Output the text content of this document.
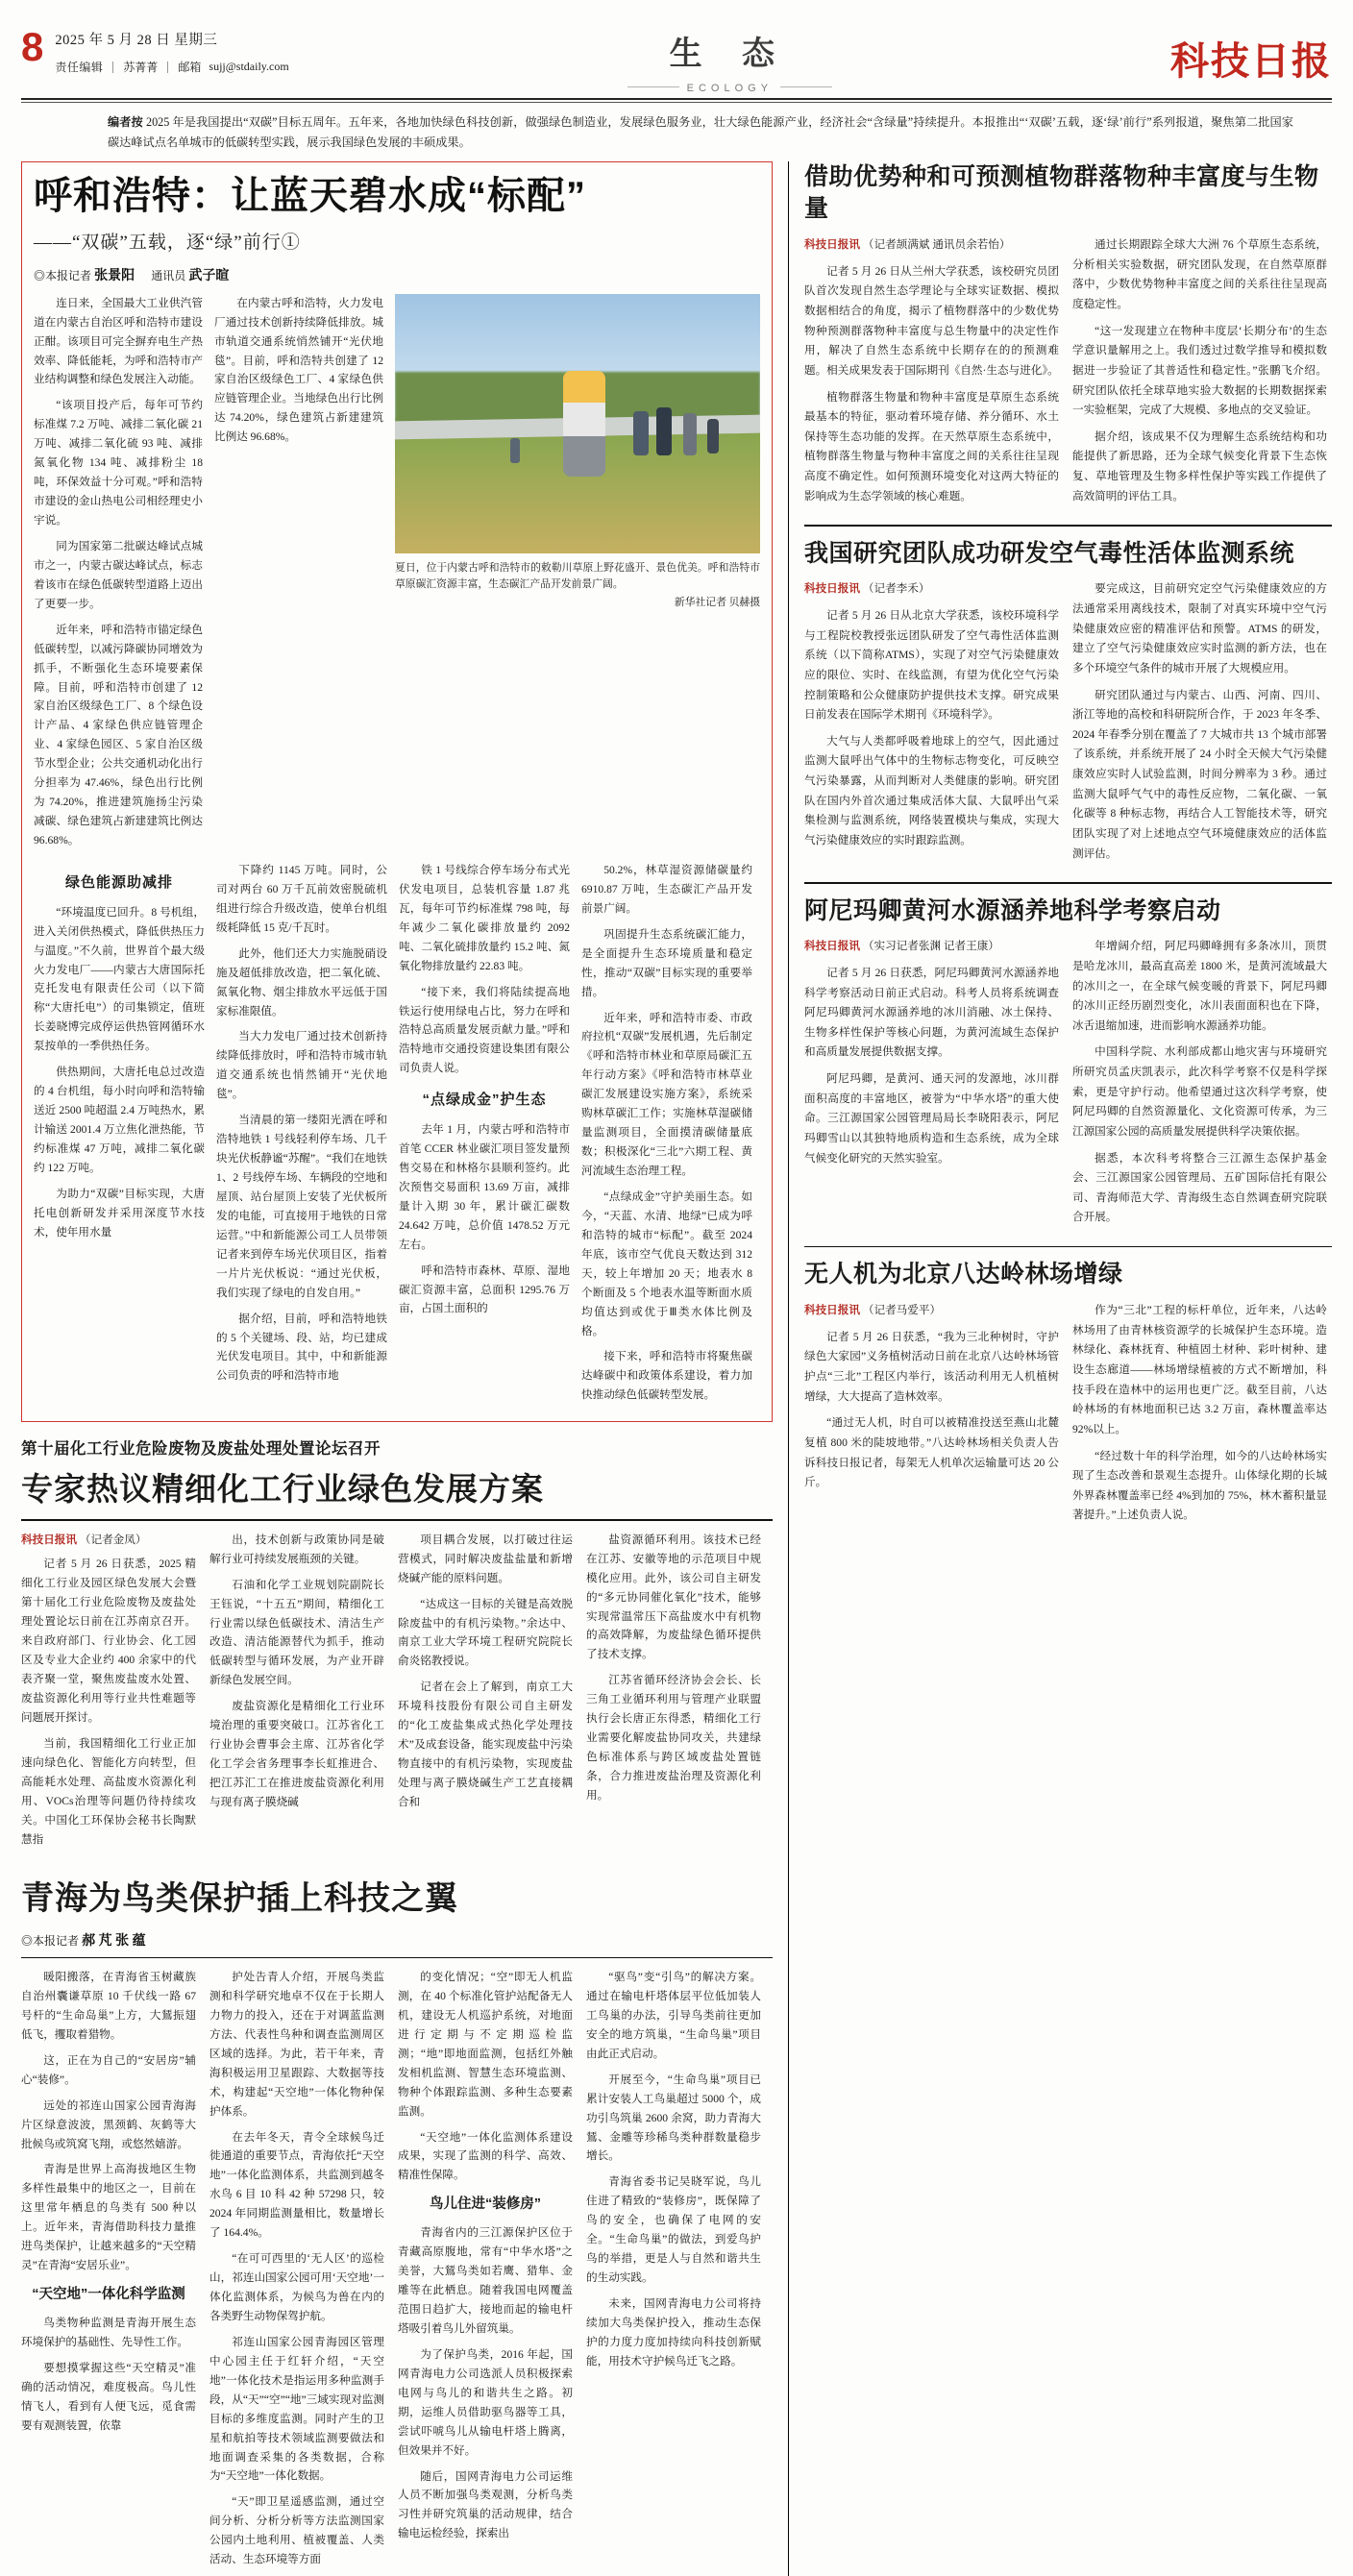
8 2025 年 5 月 28 日 星期三
责任编辑 苏菁菁 邮箱 sujj@stdaily.com	生 态
ECOLOGY
科技日报
编者按 2025 年是我国提出“双碳”目标五周年。五年来，各地加快绿色科技创新，做强绿色制造业，发展绿色服务业，壮大绿色能源产业，经济社会“含绿量”持续提升。本报推出“‘双碳’五载，逐‘绿’前行”系列报道，聚焦第二批国家碳达峰试点名单城市的低碳转型实践，展示我国绿色发展的丰硕成果。
呼和浩特：让蓝天碧水成“标配”
——“双碳”五载，逐“绿”前行①
◎本报记者 张景阳 通讯员 武子暄

连日来，全国最大工业供汽管道在内蒙古自治区呼和浩特市建设正酣。该项目可完全摒弃电生产热效率、降低能耗，为呼和浩特市产业结构调整和绿色发展注入动能。

“该项目投产后，每年可节约标准煤 7.2 万吨、减排二氧化碳 21 万吨、减排二氧化硫 93 吨、减排氮氧化物 134 吨、减排粉尘 18 吨，环保效益十分可观。”呼和浩特市建设的金山热电公司相经理史小宇说。

同为国家第二批碳达峰试点城市之一，内蒙古碳达峰试点，标志着该市在绿色低碳转型道路上迈出了更要一步。

近年来，呼和浩特市锚定绿色低碳转型，以减污降碳协同增效为抓手，不断强化生态环境要素保障。目前，呼和浩特市创建了 12 家自治区级绿色工厂、8 个绿色设计产品、4 家绿色供应链管理企业、4 家绿色园区、5 家自治区级节水型企业；公共交通机动化出行分担率为 47.46%，绿色出行比例为 74.20%，推进建筑施扬尘污染减碳、绿色建筑占新建建筑比例达 96.68%。

在内蒙古呼和浩特，火力发电厂通过技术创新持续降低排放。城市轨道交通系统悄然铺开“光伏地毯”。目前，呼和浩特共创建了 12 家自治区级绿色工厂、4 家绿色供应链管理企业。当地绿色出行比例达 74.20%，绿色建筑占新建建筑比例达 96.68%。

夏日，位于内蒙古呼和浩特市的敕勒川草原上野花盛开、景色优美。呼和浩特市草原碳汇资源丰富，生态碳汇产品开发前景广阔。
新华社记者 贝赫摄
绿色能源助减排

“环境温度已回升。8 号机组，进入关闭供热模式，降低供热压力与温度。”不久前，世界首个最大级火力发电厂——内蒙古大唐国际托克托发电有限责任公司（以下简称“大唐托电”）的司集锁定，值班长姜晓博完成停运供热管网循环水泵按单的一季供热任务。

供热期间，大唐托电总过改造的 4 台机组，每小时向呼和浩特输送近 2500 吨超温 2.4 万吨热水，累计输送 2001.4 万立焦化泄热能，节约标准煤 47 万吨，减排二氧化碳约 122 万吨。

为助力“双碳”目标实现，大唐托电创新研发并采用深度节水技术，使年用水量

下降约 1145 万吨。同时，公司对两台 60 万千瓦前效密脱硫机组进行综合升级改造，使单台机组级耗降低 15 克/千瓦时。

此外，他们还大力实施脱硝设施及超低排放改造，把二氧化硫、氮氧化物、烟尘排放水平远低于国家标准限值。

当大力发电厂通过技术创新持续降低排放时，呼和浩特市城市轨道交通系统也悄然铺开“光伏地毯”。

当清晨的第一缕阳光洒在呼和浩特地铁 1 号线轻利停车场、几千块光伏板静谧“苏醒”。“我们在地铁 1、2 号线停车场、车辆段的空地和屋顶、站台屋顶上安装了光伏板所发的电能，可直接用于地铁的日常运营。”中和新能源公司工人员带领记者来到停车场光伏项目区，指着一片片光伏板说：“通过光伏板，我们实现了绿电的自发自用。”

据介绍，目前，呼和浩特地铁的 5 个关键场、段、站，均已建成光伏发电项目。其中，中和新能源公司负责的呼和浩特市地

铁 1 号线综合停车场分布式光伏发电项目，总装机容量 1.87 兆瓦，每年可节约标准煤 798 吨，每年减少二氧化碳排放量约 2092 吨、二氧化硫排放量约 15.2 吨、氮氧化物排放量约 22.83 吨。

“接下来，我们将陆续提高地铁运行使用绿电占比，努力在呼和浩特总高质量发展贡献力量。”呼和浩特地市交通投资建设集团有限公司负责人说。

“点绿成金”护生态

去年 1 月，内蒙古呼和浩特市首笔 CCER 林业碳汇项目签发量预售交易在和林格尔县顺利签约。此次预售交易面积 13.69 万亩，减排量计入期 30 年，累计碳汇碳数 24.642 万吨，总价值 1478.52 万元左右。

呼和浩特市森林、草原、湿地碳汇资源丰富，总面积 1295.76 万亩，占国土面积的

50.2%，林草湿资源储碳量约 6910.87 万吨，生态碳汇产品开发前景广阔。

巩固提升生态系统碳汇能力，是全面提升生态环境质量和稳定性，推动“双碳”目标实现的重要举措。

近年来，呼和浩特市委、市政府拉机“双碳”发展机遇，先后制定《呼和浩特市林业和草原局碳汇五年行动方案》《呼和浩特市林草业碳汇发展建设实施方案》，系统采购林草碳汇工作；实施林草湿碳储量监测项目，全面摸清碳储量底数；积极深化“三北”六期工程、黄河流域生态治理工程。

“点绿成金”守护美丽生态。如今，“天蓝、水清、地绿”已成为呼和浩特的城市“标配”。截至 2024 年底，该市空气优良天数达到 312 天，较上年增加 20 天；地表水 8 个断面及 5 个地表水温等断面水质均值达到或优于Ⅲ类水体比例及格。

接下来，呼和浩特市将聚焦碳达峰碳中和政策体系建设，着力加快推动绿色低碳转型发展。

第十届化工行业危险废物及废盐处理处置论坛召开
专家热议精细化工行业绿色发展方案
科技日报讯 （记者金凤）

记者 5 月 26 日获悉，2025 精细化工行业及园区绿色发展大会暨第十届化工行业危险废物及废盐处理处置论坛日前在江苏南京召开。来自政府部门、行业协会、化工园区及专业大企业约 400 余家中的代表齐聚一堂，聚焦废盐废水处置、废盐资源化利用等行业共性难题等问题展开探讨。

当前，我国精细化工行业正加速向绿色化、智能化方向转型，但高能耗水处理、高盐废水资源化利用、VOCs治理等问题仍待持续攻关。中国化工环保协会秘书长陶默慧指

出，技术创新与政策协同是破解行业可持续发展瓶颈的关键。

石油和化学工业规划院副院长王钰说，“十五五”期间，精细化工行业需以绿色低碳技术、清洁生产改造、清洁能源替代为抓手，推动低碳转型与循环发展，为产业开辟新绿色发展空间。

废盐资源化是精细化工行业环境治理的重要突破口。江苏省化工行业协会曹事会主席、江苏省化学化工学会省务理事李长虹推进合、把江苏汇工在推进废盐资源化利用与现有离子膜烧碱

项目耦合发展，以打破过往运营模式，同时解决废盐盐量和新增烧碱产能的原料问题。

“达成这一目标的关键是高效脱除废盐中的有机污染物。”余达中、南京工业大学环境工程研究院院长俞炎铭教授说。

记者在会上了解到，南京工大环境科技股份有限公司自主研发的“化工废盐集成式热化学处理技术”及成套设备，能实现废盐中污染物直接中的有机污染物，实现废盐处理与离子膜烧碱生产工艺直接耦合和

盐资源循环利用。该技术已经在江苏、安徽等地的示范项目中规模化应用。此外，该公司自主研发的“多元协同催化氧化”技术，能够实现常温常压下高盐废水中有机物的高效降解，为废盐绿色循环提供了技术支撑。

江苏省循环经济协会会长、长三角工业循环利用与管理产业联盟执行会长唐正东得悉，精细化工行业需要化解废盐协同攻关，共建绿色标准体系与跨区域废盐处置链条，合力推进废盐治理及资源化利用。

青海为鸟类保护插上科技之翼
◎本报记者 郝 芃 张 蕴

暖阳搬落，在青海省玉树藏族自治州囊谦草原 10 千伏线一路 67 号杆的“生命岛巢”上方，大鵟振翅低飞，攫取着猎物。

这，正在为自己的“安居房”辅心“装修”。

远处的祁连山国家公园青海海片区绿意波波，黑颈鹤、灰鹤等大批候鸟或筑窝飞翔，或悠然嬉游。

青海是世界上高海拔地区生物多样性最集中的地区之一，目前在这里常年栖息的鸟类有 500 种以上。近年来，青海借助科技力量推进鸟类保护，让越来越多的“天空精灵”在青海“安居乐业”。

“天空地”一体化科学监测

鸟类物种监测是青海开展生态环境保护的基础性、先导性工作。

要想摸掌握这些“天空精灵”准确的活动情况，难度极高。鸟儿性情飞人，看到有人便飞远，觅食需要有观测装置，依靠

护处告青人介绍，开展鸟类监测和科学研究地卓不仅在于长期人力物力的投入，还在于对调蓝监测方法、代表性鸟种和调查监测周区区域的选择。为此，若干年来，青海积极运用卫星跟踪、大数据等技术，构建起“天空地”一体化物种保护体系。

在去年冬天，青令全球候鸟迁徙通道的重要节点，青海依托“天空地”一体化监测体系，共监测到越冬水鸟 6 目 10 科 42 种 57298 只，较 2024 年同期监测量相比，数量增长了 164.4%。

“在可可西里的‘无人区’的巡检山，祁连山国家公园可用‘天空地’一体化监测体系，为候鸟为兽在内的各类野生动物保驾护航。

祁连山国家公园青海园区管理中心园主任于红轩介绍，“天空地”一体化技术是指运用多种监测手段，从“天”“空”“地”三域实现对监测目标的多维度监测。同时产生的卫星和航拍等技术领域监测要做法和地面调查采集的各类数据，合称为“天空地”一体化数据。

“天”即卫星遥感监测，通过空间分析、分析分析等方法监测国家公园内土地利用、植被覆盖、人类活动、生态环境等方面

的变化情况；“空”即无人机监测，在 40 个标准化管护站配备无人机，建设无人机巡护系统，对地面进行定期与不定期巡检监测；“地”即地面监测，包括红外触发相机监测、智慧生态环境监测、物种个体跟踪监测、多种生态要素监测。

“天空地”一体化监测体系建设成果，实现了监测的科学、高效、精准性保障。

鸟儿住进“装修房”

青海省内的三江源保护区位于青藏高原腹地，常有“中华水塔”之美誉，大鵟鸟类如若鹰、猎隼、金雕等在此栖息。随着我国电网覆盖范围日趋扩大，接地而起的输电杆塔吸引着鸟儿外留筑巢。

为了保护鸟类，2016 年起，国网青海电力公司选派人员积极探索电网与鸟儿的和谐共生之路。初期，运维人员借助驱鸟器等工具，尝试吓唬鸟儿从输电杆塔上腾离，但效果并不好。

随后，国网青海电力公司运维人员不断加强鸟类观测，分析鸟类习性并研究筑巢的活动规律，结合输电运检经验，探索出

“驱鸟”变“引鸟”的解决方案。通过在输电杆塔体层平位低加装人工鸟巢的办法，引导鸟类前往更加安全的地方筑巢，“生命鸟巢”项目由此正式启动。

开展至今，“生命鸟巢”项目已累计安装人工鸟巢超过 5000 个，成功引鸟筑巢 2600 余窝，助力青海大鵟、金雕等珍稀鸟类种群数量稳步增长。

青海省委书记吴晓军说，鸟儿住进了精致的“装修房”，既保障了鸟的安全，也确保了电网的安全。“生命鸟巢”的做法，到爱鸟护鸟的举措，更是人与自然和谐共生的生动实践。

未来，国网青海电力公司将持续加大鸟类保护投入，推动生态保护的力度力度加持续向科技创新赋能，用技术守护候鸟迁飞之路。

借助优势种和可预测植物群落物种丰富度与生物量

科技日报讯 （记者颉满斌 通讯员余若怡）

记者 5 月 26 日从兰州大学获悉，该校研究员团队首次发现自然生态学理论与全球实证数据、模拟数据相结合的角度，揭示了植物群落中的少数优势物种预测群落物种丰富度与总生物量中的决定性作用，解决了自然生态系统中长期存在的的预测难题。相关成果发表于国际期刊《自然·生态与进化》。

植物群落生物量和物种丰富度是草原生态系统最基本的特征，驱动着环境存储、养分循环、水土保持等生态功能的发挥。在天然草原生态系统中，植物群落生物量与物种丰富度之间的关系往往呈现高度不确定性。如何预测环境变化对这两大特征的影响成为生态学领域的核心难题。

通过长期跟踪全球大大洲 76 个草原生态系统，分析相关实验数据，研究团队发现，在自然草原群落中，少数优势物种丰富度之间的关系往往呈现高度稳定性。

“这一发现建立在物种丰度层‘长期分布’的生态学意识量解用之上。我们透过过数学推导和模拟数据进一步验证了其普适性和稳定性。”张鹏飞介绍。研究团队依托全球草地实验大数据的长期数据探索一实验框架，完成了大规模、多地点的交叉验证。

据介绍，该成果不仅为理解生态系统结构和功能提供了新思路，还为全球气候变化背景下生态恢复、草地管理及生物多样性保护等实践工作提供了高效简明的评估工具。

我国研究团队成功研发空气毒性活体监测系统

科技日报讯 （记者李禾）

记者 5 月 26 日从北京大学获悉，该校环境科学与工程院校教授张远团队研发了空气毒性活体监测系统（以下简称ATMS），实现了对空气污染健康效应的限位、实时、在线监测，有望为优化空气污染控制策略和公众健康防护提供技术支撑。研究成果日前发表在国际学术期刊《环境科学》。

大气与人类都呼吸着地球上的空气，因此通过监测大鼠呼出气体中的生物标志物变化，可反映空气污染暴露，从而判断对人类健康的影响。研究团队在国内外首次通过集成活体大鼠、大鼠呼出气采集检测与监测系统，网络装置模块与集成，实现大气污染健康效应的实时跟踪监测。

要完成这，目前研究定空气污染健康效应的方法通常采用离线技术，限制了对真实环境中空气污染健康效应密的精准评估和预警。ATMS 的研发，建立了空气污染健康效应实时监测的新方法，也在多个环境空气条件的城市开展了大规模应用。

研究团队通过与内蒙古、山西、河南、四川、浙江等地的高校和科研院所合作，于 2023 年冬季、2024 年春季分别在覆盖了 7 大城市共 13 个城市部署了该系统，并系统开展了 24 小时全天候大气污染健康效应实时人试验监测，时间分辨率为 3 秒。通过监测大鼠呼气气中的毒性反应物，二氧化碳、一氧化碳等 8 种标志物，再结合人工智能技术等，研究团队实现了对上述地点空气环境健康效应的活体监测评估。

阿尼玛卿黄河水源涵养地科学考察启动

科技日报讯 （实习记者张渊 记者王康）

记者 5 月 26 日获悉，阿尼玛卿黄河水源涵养地科学考察活动日前正式启动。科考人员将系统调查阿尼玛卿黄河水源涵养地的冰川消融、冰土保持、生物多样性保护等核心问题，为黄河流域生态保护和高质量发展提供数据支撑。

阿尼玛卿，是黄河、通天河的发源地，冰川群面积高度的丰富地区，被誉为“中华水塔”的重大使命。三江源国家公园管理局局长李晓阳表示，阿尼玛卿雪山以其独特地质构造和生态系统，成为全球气候变化研究的天然实验室。

年增阔介绍，阿尼玛卿峰拥有多条冰川，顶贯是哈龙冰川，最高直高差 1800 米，是黄河流域最大的冰川之一，在全球气候变暖的背景下，阿尼玛卿的冰川正经历剧烈变化，冰川表面面积也在下降，冰舌退缩加速，进而影响水源涵养功能。

中国科学院、水利部成都山地灾害与环境研究所研究员孟庆凯表示，此次科学考察不仅是科学探索，更是守护行动。他希望通过这次科学考察，使阿尼玛卿的自然资源量化、文化资源可传承，为三江源国家公园的高质量发展提供科学决策依据。

据悉，本次科考将整合三江源生态保护基金会、三江源国家公园管理局、五矿国际信托有限公司、青海师范大学、青海级生态自然调查研究院联合开展。

无人机为北京八达岭林场增绿

科技日报讯 （记者马爱平）

记者 5 月 26 日获悉，“我为三北种树时，守护绿色大家园”义务植树活动日前在北京八达岭林场管护点“三北”工程区内举行，该活动利用无人机植树增绿，大大提高了造林效率。

“通过无人机，时自可以被精准投送至燕山北麓复植 800 米的陡坡地带。”八达岭林场相关负责人告诉科技日报记者，每架无人机单次运输量可达 20 公斤。

作为“三北”工程的标杆单位，近年来，八达岭林场用了由青林核资源学的长城保护生态环境。造林绿化、森林抚育、种植固土材种、彩叶树种、建设生态廊道——林场增绿植被的方式不断增加，科技手段在造林中的运用也更广泛。截至目前，八达岭林场的有林地面积已达 3.2 万亩，森林覆盖率达 92%以上。

“经过数十年的科学治理，如今的八达岭林场实现了生态改善和景观生态提升。山体绿化期的长城外界森林覆盖率已经 4%到加的 75%，林木蓄积量显著提升。”上述负责人说。
